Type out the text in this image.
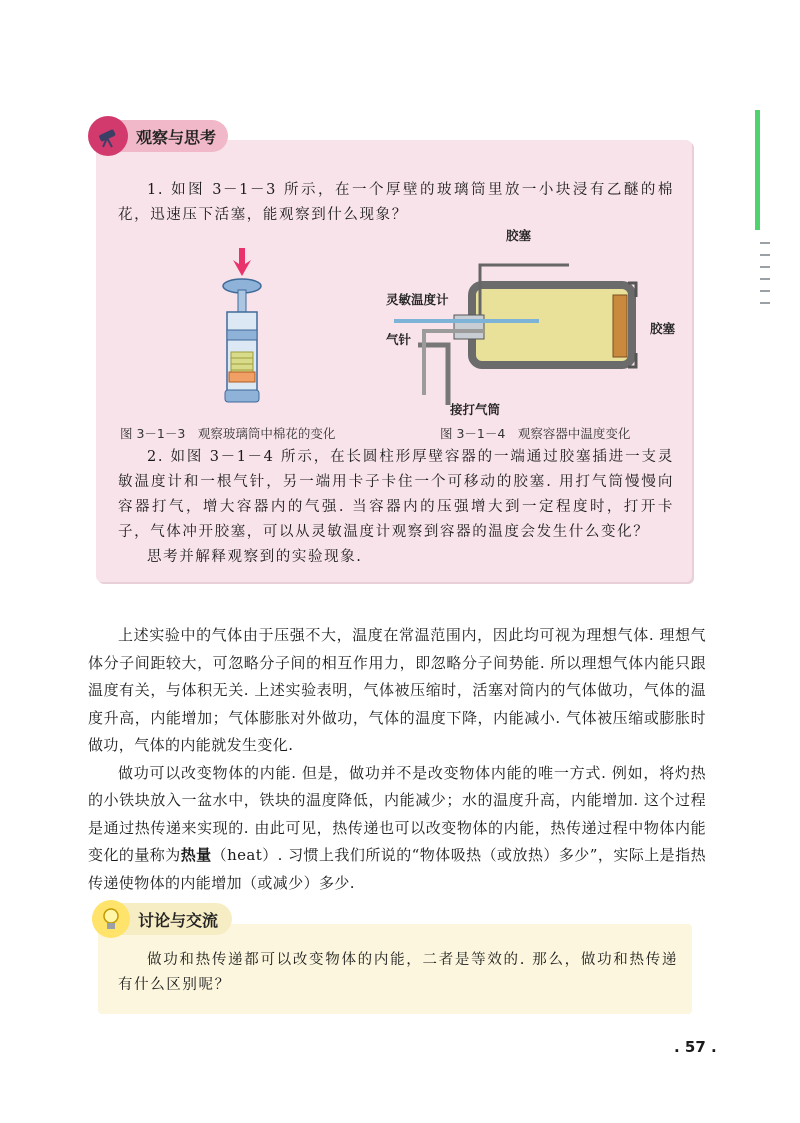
观察与思考
1. 如图 3－1－3 所示，在一个厚壁的玻璃筒里放一小块浸有乙醚的棉花，迅速压下活塞，能观察到什么现象？
胶塞
灵敏温度计
气针
胶塞
接打气筒
图 3－1－3　观察玻璃筒中棉花的变化	图 3－1－4　观察容器中温度变化
2. 如图 3－1－4 所示，在长圆柱形厚壁容器的一端通过胶塞插进一支灵敏温度计和一根气针，另一端用卡子卡住一个可移动的胶塞. 用打气筒慢慢向容器打气，增大容器内的气强. 当容器内的压强增大到一定程度时，打开卡子，气体冲开胶塞，可以从灵敏温度计观察到容器的温度会发生什么变化？
思考并解释观察到的实验现象.

上述实验中的气体由于压强不大，温度在常温范围内，因此均可视为理想气体. 理想气体分子间距较大，可忽略分子间的相互作用力，即忽略分子间势能. 所以理想气体内能只跟温度有关，与体积无关. 上述实验表明，气体被压缩时，活塞对筒内的气体做功，气体的温度升高，内能增加；气体膨胀对外做功，气体的温度下降，内能减小. 气体被压缩或膨胀时做功，气体的内能就发生变化.

做功可以改变物体的内能. 但是，做功并不是改变物体内能的唯一方式. 例如，将灼热的小铁块放入一盆水中，铁块的温度降低，内能减少；水的温度升高，内能增加. 这个过程是通过热传递来实现的. 由此可见，热传递也可以改变物体的内能，热传递过程中物体内能变化的量称为热量（heat）. 习惯上我们所说的“物体吸热（或放热）多少”，实际上是指热传递使物体的内能增加（或减少）多少.

讨论与交流
做功和热传递都可以改变物体的内能，二者是等效的. 那么，做功和热传递有什么区别呢？
. 57 .
